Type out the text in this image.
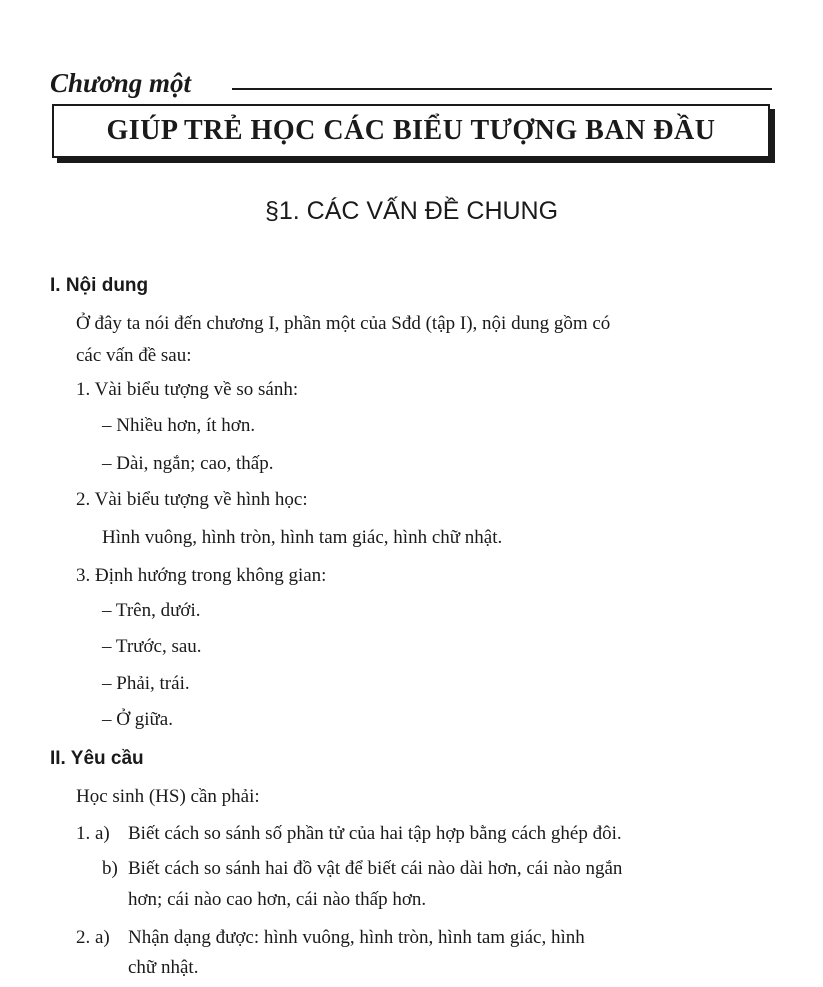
Chương một
GIÚP TRẺ HỌC CÁC BIỂU TƯỢNG BAN ĐẦU
§1. CÁC VẤN ĐỀ CHUNG
I. Nội dung
Ở đây ta nói đến chương I, phần một của Sđd (tập I), nội dung gồm có
các vấn đề sau:
1. Vài biểu tượng về so sánh:
– Nhiều hơn, ít hơn.
– Dài, ngắn; cao, thấp.
2. Vài biểu tượng về hình học:
Hình vuông, hình tròn, hình tam giác, hình chữ nhật.
3. Định hướng trong không gian:
– Trên, dưới.
– Trước, sau.
– Phải, trái.
– Ở giữa.
II. Yêu cầu
Học sinh (HS) cần phải:
1. a) Biết cách so sánh số phần tử của hai tập hợp bằng cách ghép đôi.
b) Biết cách so sánh hai đồ vật để biết cái nào dài hơn, cái nào ngắn
hơn; cái nào cao hơn, cái nào thấp hơn.
2. a) Nhận dạng được: hình vuông, hình tròn, hình tam giác, hình
chữ nhật.
